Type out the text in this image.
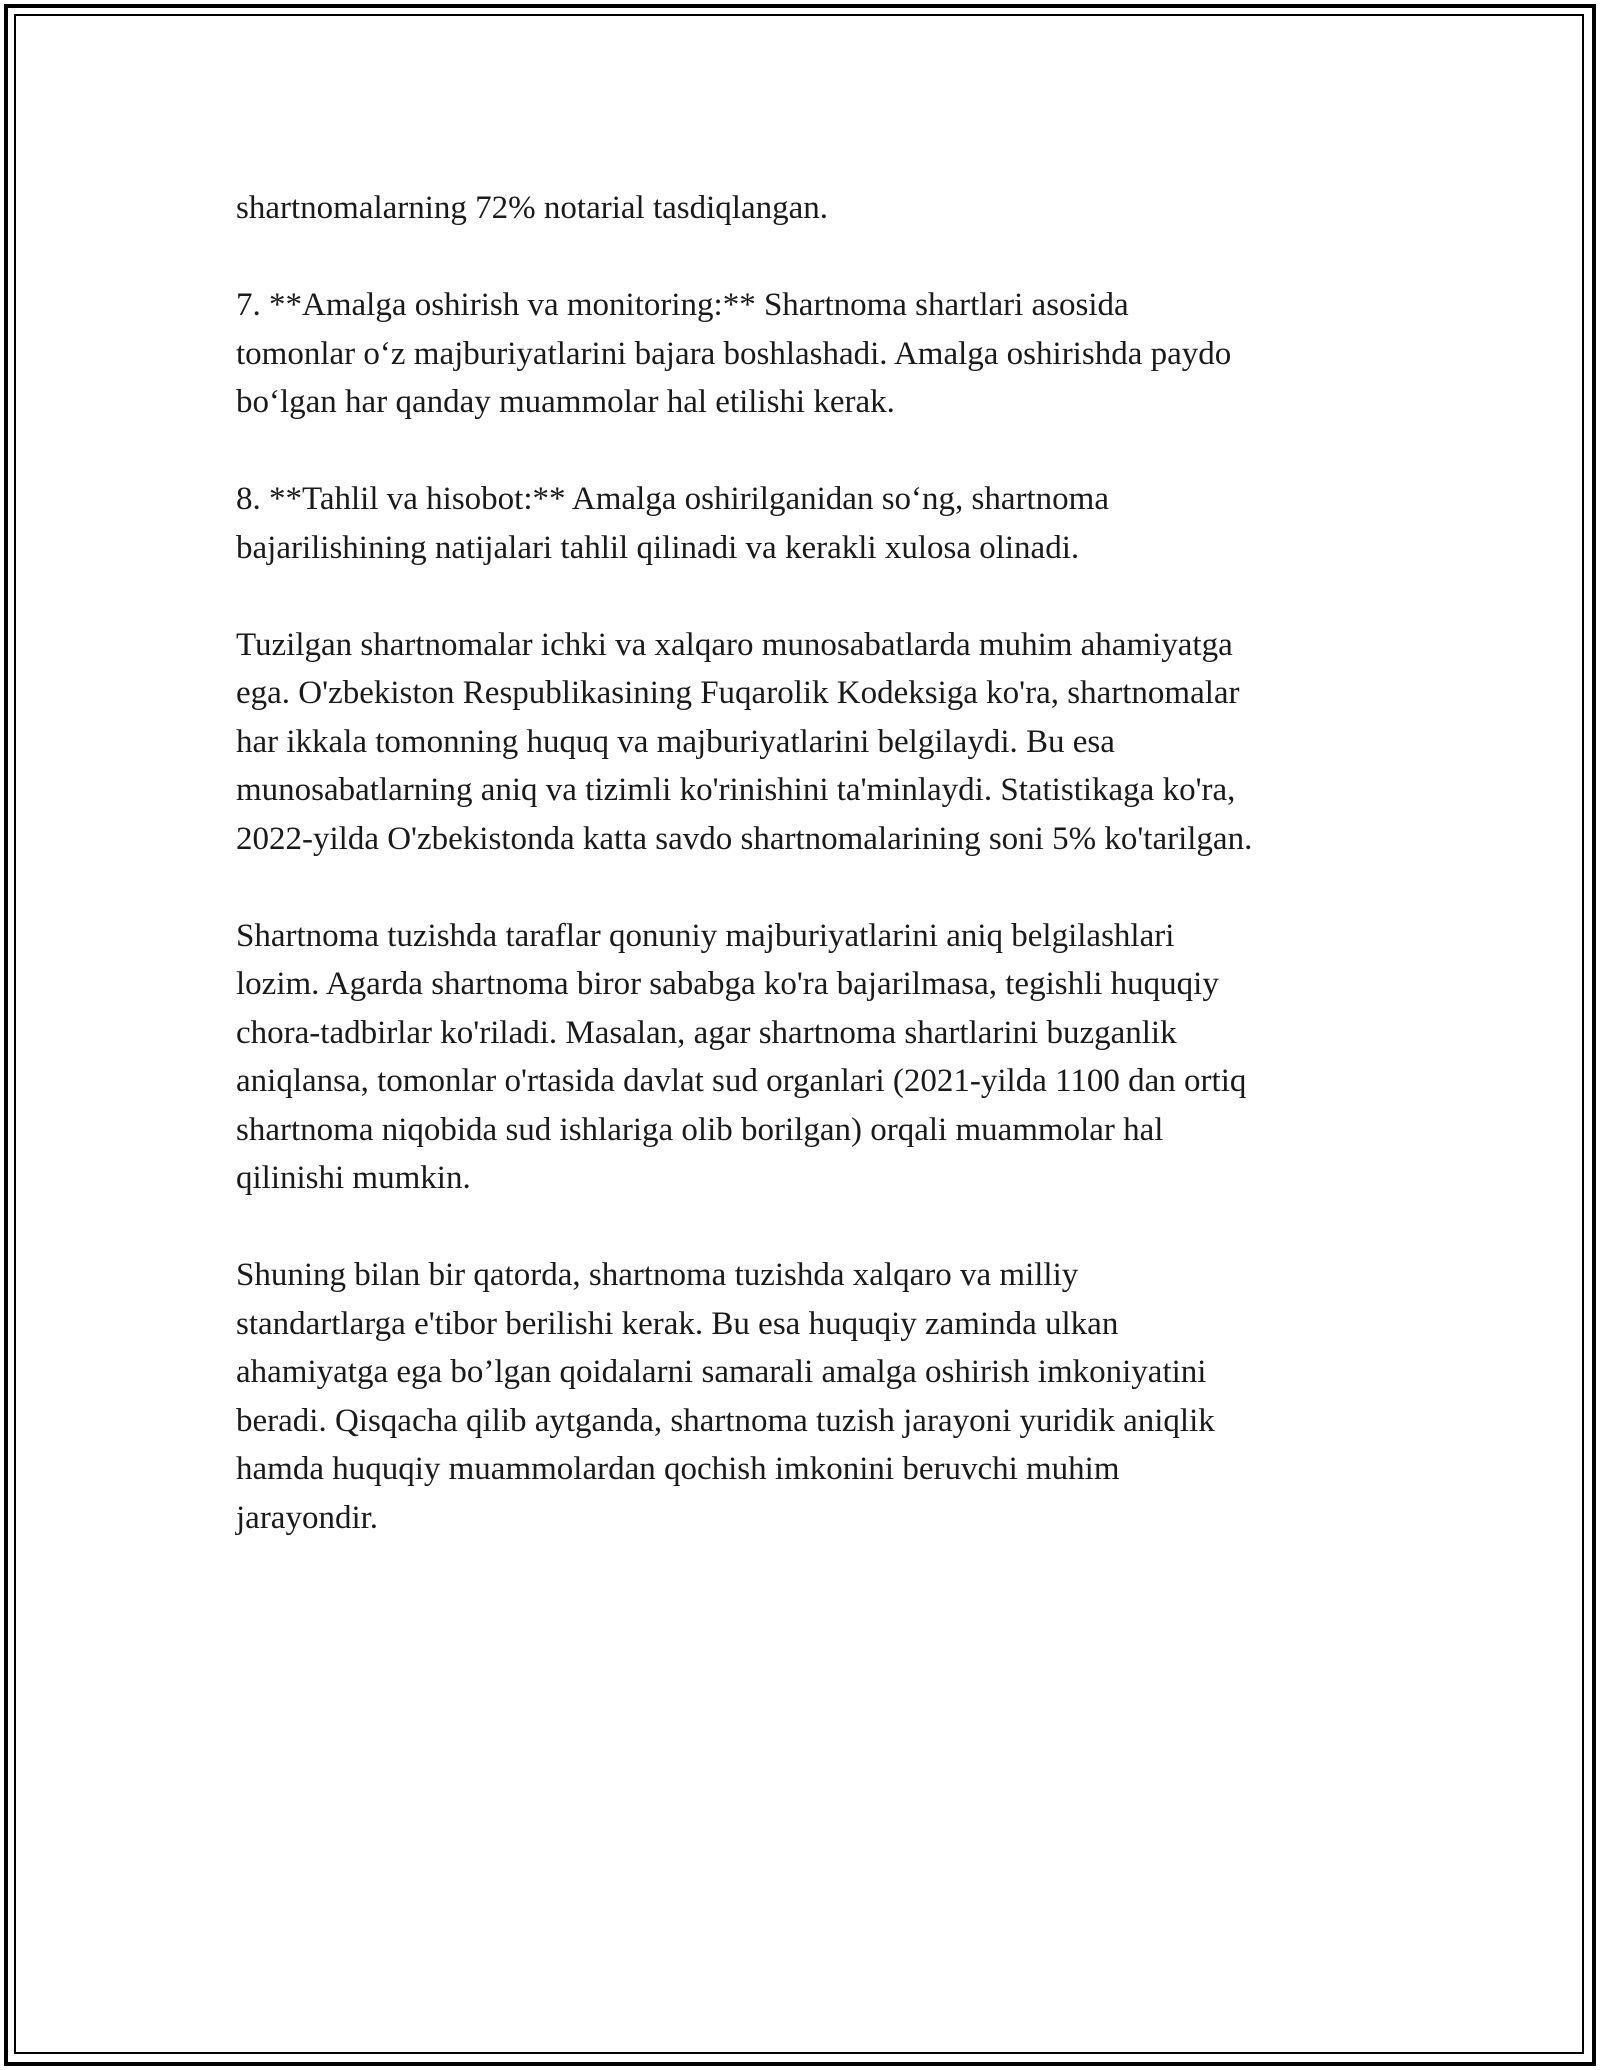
shartnomalarning 72% notarial tasdiqlangan.

7. **Amalga oshirish va monitoring:** Shartnoma shartlari asosida
tomonlar o‘z majburiyatlarini bajara boshlashadi. Amalga oshirishda paydo
bo‘lgan har qanday muammolar hal etilishi kerak.

8. **Tahlil va hisobot:** Amalga oshirilganidan so‘ng, shartnoma
bajarilishining natijalari tahlil qilinadi va kerakli xulosa olinadi.

Tuzilgan shartnomalar ichki va xalqaro munosabatlarda muhim ahamiyatga
ega. O'zbekiston Respublikasining Fuqarolik Kodeksiga ko'ra, shartnomalar
har ikkala tomonning huquq va majburiyatlarini belgilaydi. Bu esa
munosabatlarning aniq va tizimli ko'rinishini ta'minlaydi. Statistikaga ko'ra,
2022-yilda O'zbekistonda katta savdo shartnomalarining soni 5% ko'tarilgan.

Shartnoma tuzishda taraflar qonuniy majburiyatlarini aniq belgilashlari
lozim. Agarda shartnoma biror sababga ko'ra bajarilmasa, tegishli huquqiy
chora-tadbirlar ko'riladi. Masalan, agar shartnoma shartlarini buzganlik
aniqlansa, tomonlar o'rtasida davlat sud organlari (2021-yilda 1100 dan ortiq
shartnoma niqobida sud ishlariga olib borilgan) orqali muammolar hal
qilinishi mumkin.

Shuning bilan bir qatorda, shartnoma tuzishda xalqaro va milliy
standartlarga e'tibor berilishi kerak. Bu esa huquqiy zaminda ulkan
ahamiyatga ega bo’lgan qoidalarni samarali amalga oshirish imkoniyatini
beradi. Qisqacha qilib aytganda, shartnoma tuzish jarayoni yuridik aniqlik
hamda huquqiy muammolardan qochish imkonini beruvchi muhim
jarayondir.
